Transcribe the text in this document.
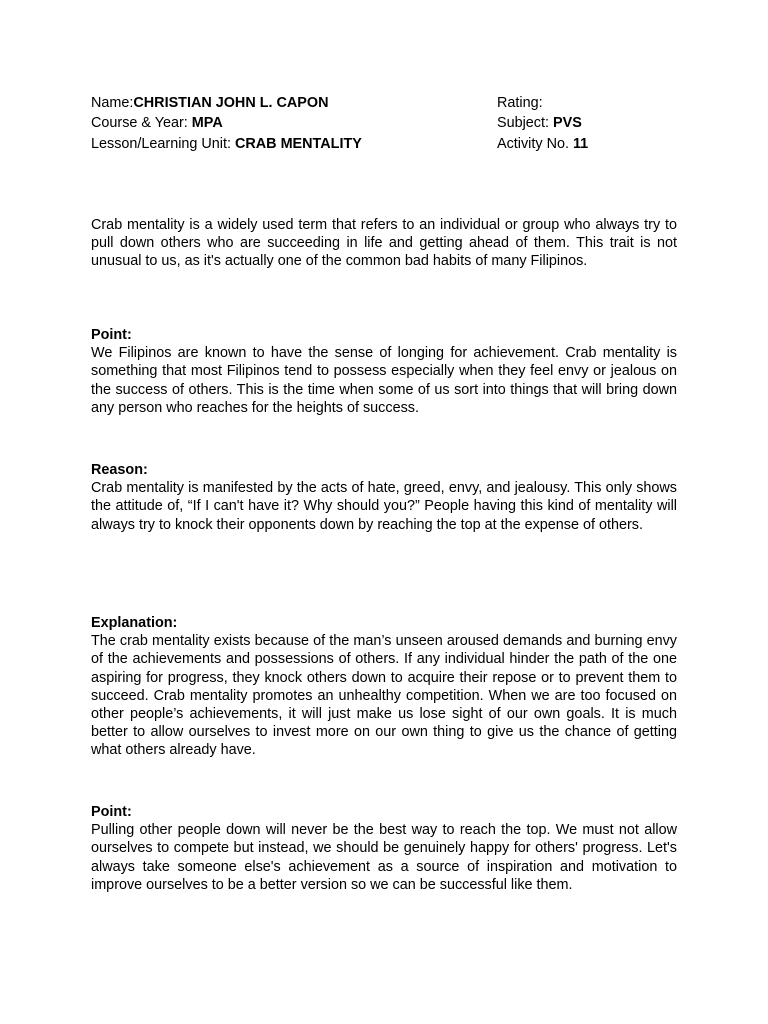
Name:CHRISTIAN JOHN L. CAPON
Course & Year: MPA
Lesson/Learning Unit: CRAB MENTALITY
Rating:
Subject: PVS
Activity No. 11

Crab mentality is a widely used term that refers to an individual or group who always try to pull down others who are succeeding in life and getting ahead of them. This trait is not unusual to us, as it's actually one of the common bad habits of many Filipinos.

Point:

We Filipinos are known to have the sense of longing for achievement. Crab mentality is something that most Filipinos tend to possess especially when they feel envy or jealous on the success of others. This is the time when some of us sort into things that will bring down any person who reaches for the heights of success.

Reason:

Crab mentality is manifested by the acts of hate, greed, envy, and jealousy. This only shows the attitude of, “If I can't have it? Why should you?” People having this kind of mentality will always try to knock their opponents down by reaching the top at the expense of others.

Explanation:

The crab mentality exists because of the man’s unseen aroused demands and burning envy of the achievements and possessions of others. If any individual hinder the path of the one aspiring for progress, they knock others down to acquire their repose or to prevent them to succeed. Crab mentality promotes an unhealthy competition. When we are too focused on other people’s achievements, it will just make us lose sight of our own goals. It is much better to allow ourselves to invest more on our own thing to give us the chance of getting what others already have.

Point:

Pulling other people down will never be the best way to reach the top. We must not allow ourselves to compete but instead, we should be genuinely happy for others' progress. Let's always take someone else's achievement as a source of inspiration and motivation to improve ourselves to be a better version so we can be successful like them.
